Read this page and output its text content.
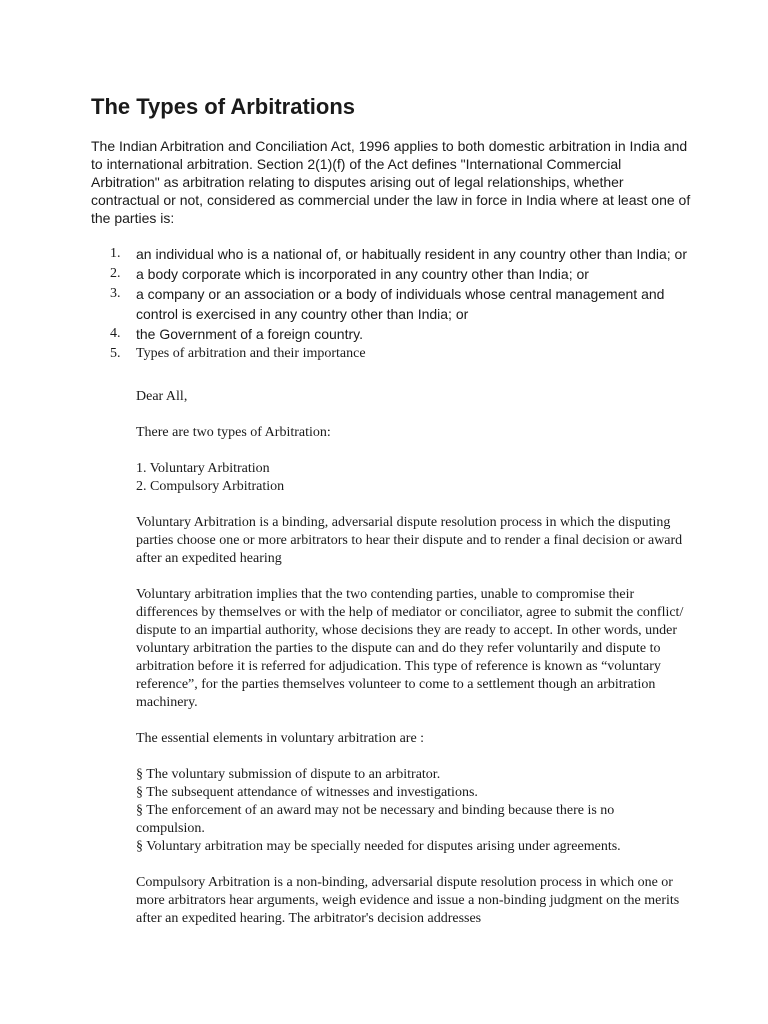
The Types of Arbitrations

The Indian Arbitration and Conciliation Act, 1996 applies to both domestic arbitration in India and to international arbitration. Section 2(1)(f) of the Act defines "International Commercial Arbitration" as arbitration relating to disputes arising out of legal relationships, whether contractual or not, considered as commercial under the law in force in India where at least one of the parties is:

1. an individual who is a national of, or habitually resident in any country other than India; or
2. a body corporate which is incorporated in any country other than India; or
3. a company or an association or a body of individuals whose central management and control is exercised in any country other than India; or
4. the Government of a foreign country.
5. Types of arbitration and their importance

Dear All,

There are two types of Arbitration:

1. Voluntary Arbitration
2. Compulsory Arbitration

Voluntary Arbitration is a binding, adversarial dispute resolution process in which the disputing parties choose one or more arbitrators to hear their dispute and to render a final decision or award after an expedited hearing

Voluntary arbitration implies that the two contending parties, unable to compromise their differences by themselves or with the help of mediator or conciliator, agree to submit the conflict/ dispute to an impartial authority, whose decisions they are ready to accept. In other words, under voluntary arbitration the parties to the dispute can and do they refer voluntarily and dispute to arbitration before it is referred for adjudication. This type of reference is known as “voluntary reference”, for the parties themselves volunteer to come to a settlement though an arbitration machinery.

The essential elements in voluntary arbitration are :

§ The voluntary submission of dispute to an arbitrator.
§ The subsequent attendance of witnesses and investigations.
§ The enforcement of an award may not be necessary and binding because there is no compulsion.
§ Voluntary arbitration may be specially needed for disputes arising under agreements.

Compulsory Arbitration is a non-binding, adversarial dispute resolution process in which one or more arbitrators hear arguments, weigh evidence and issue a non-binding judgment on the merits after an expedited hearing. The arbitrator's decision addresses
